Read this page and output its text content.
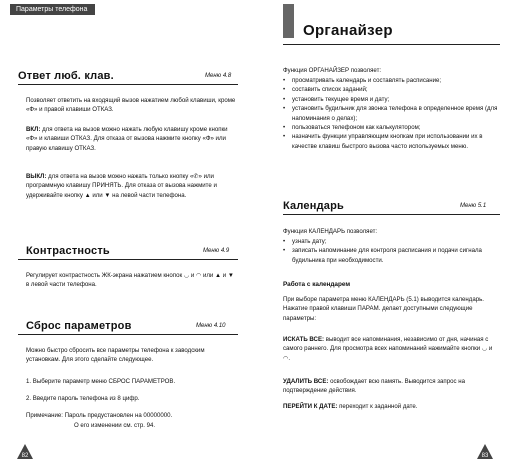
Параметры телефона
Ответ люб. клав.	Меню 4.8
Позволяет ответить на входящий вызов нажатием любой клавиши, кроме «Ф» и правой клавиши ОТКАЗ.
ВКЛ: для ответа на вызов можно нажать любую клавишу кроме кнопки «Ф» и клавиши ОТКАЗ. Для отказа от вызова нажмите кнопку «Ф» или правую клавишу ОТКАЗ.
ВЫКЛ: для ответа на вызов можно нажать только кнопку «✆» или программную клавишу ПРИНЯТЬ. Для отказа от вызова нажмите и удерживайте кнопку ▲ или ▼ на левой части телефона.
Контрастность	Меню 4.9
Регулирует контрастность ЖК-экрана нажатием кнопок ◡ и ◠ или ▲ и ▼ в левой части телефона.
Сброс параметров	Меню 4.10
Можно быстро сбросить все параметры телефона к заводским установкам. Для этого сделайте следующее.
1. Выберите параметр меню СБРОС ПАРАМЕТРОВ.
2. Введите пароль телефона из 8 цифр.
Примечание: Пароль предустановлен на 00000000.
О его изменении см. стр. 94.
82
Органайзер
Функция ОРГАНАЙЗЕР позволяет:
• просматривать календарь и составлять расписание;
• составить список заданий;
• установить текущее время и дату;
• установить будильник для звонка телефона в определенное время (для напоминания о делах);
• пользоваться телефоном как калькулятором;
• назначить функции управляющим кнопкам при использовании их в качестве клавиш быстрого вызова часто используемых меню.
Календарь	Меню 5.1
Функция КАЛЕНДАРЬ позволяет:
• узнать дату;
• записать напоминание для контроля расписания и подачи сигнала будильника при необходимости.
Работа с календарем
При выборе параметра меню КАЛЕНДАРЬ (5.1) выводится календарь. Нажатие правой клавиши ПАРАМ. делает доступными следующие параметры:
ИСКАТЬ ВСЕ: выводит все напоминания, независимо от дня, начиная с самого раннего. Для просмотра всех напоминаний нажимайте кнопки ◡ и ◠.
УДАЛИТЬ ВСЕ: освобождает всю память. Выводится запрос на подтверждение действия.
ПЕРЕЙТИ К ДАТЕ: переходит к заданной дате.
83
